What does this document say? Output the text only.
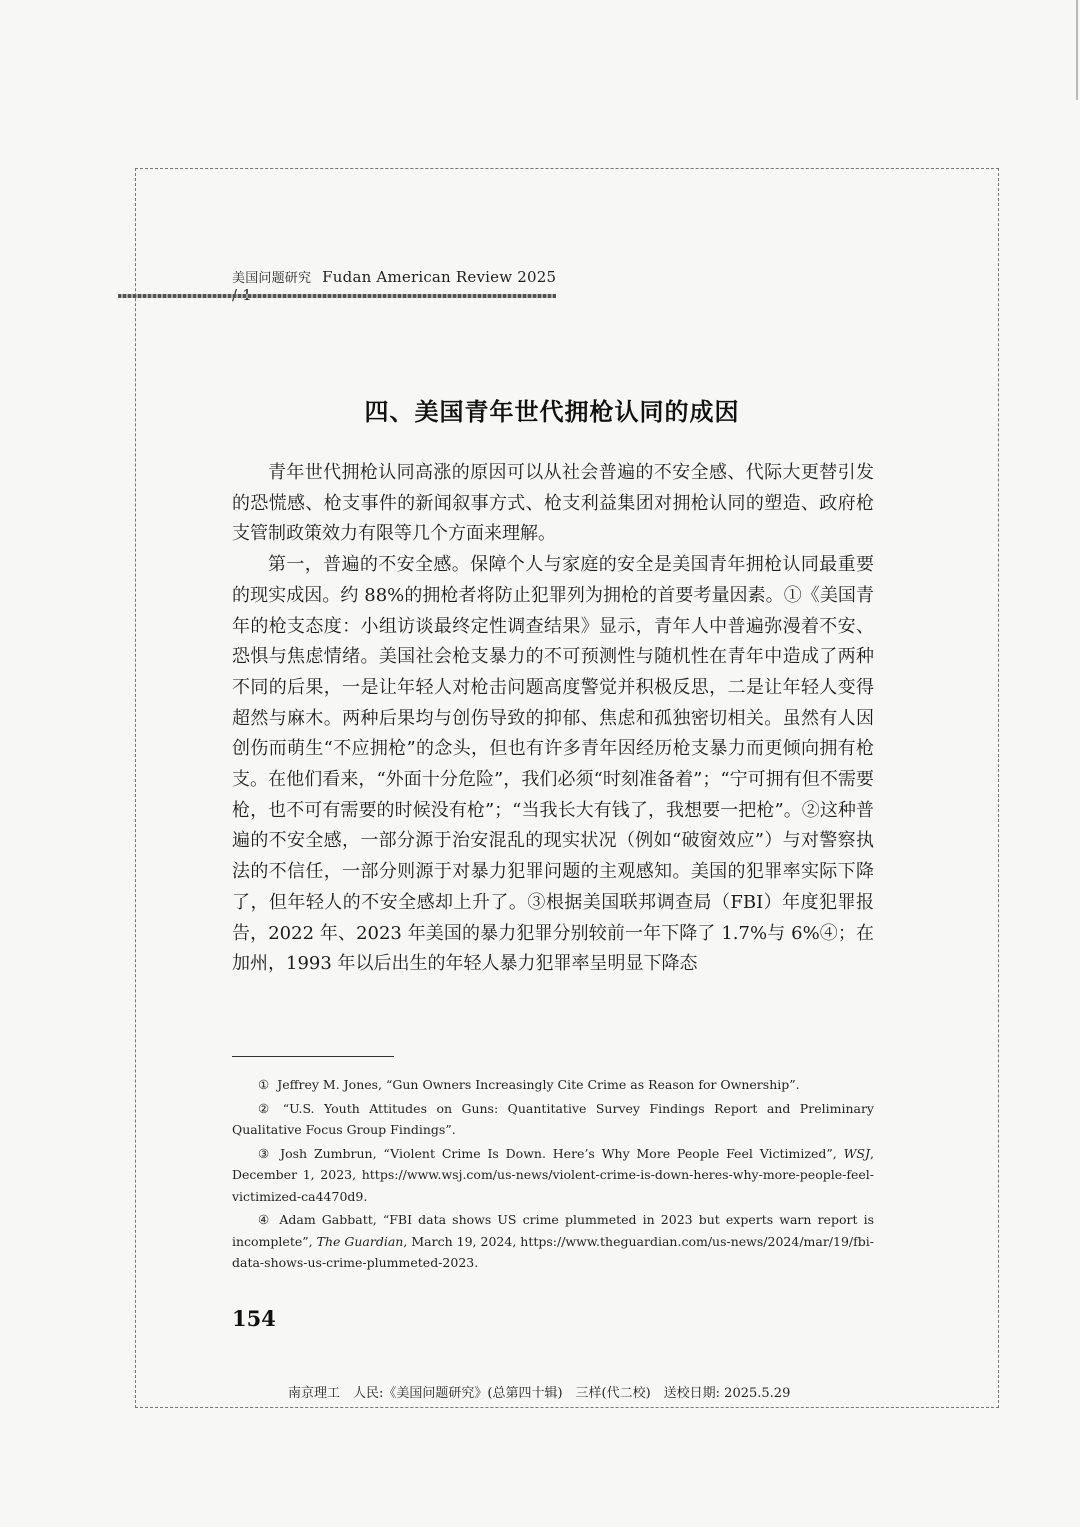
美国问题研究 Fudan American Review 2025
四、美国青年世代拥枪认同的成因

青年世代拥枪认同高涨的原因可以从社会普遍的不安全感、代际大更替引发的恐慌感、枪支事件的新闻叙事方式、枪支利益集团对拥枪认同的塑造、政府枪支管制政策效力有限等几个方面来理解。

第一，普遍的不安全感。保障个人与家庭的安全是美国青年拥枪认同最重要的现实成因。约 88%的拥枪者将防止犯罪列为拥枪的首要考量因素。①《美国青年的枪支态度：小组访谈最终定性调查结果》显示，青年人中普遍弥漫着不安、恐惧与焦虑情绪。美国社会枪支暴力的不可预测性与随机性在青年中造成了两种不同的后果，一是让年轻人对枪击问题高度警觉并积极反思，二是让年轻人变得超然与麻木。两种后果均与创伤导致的抑郁、焦虑和孤独密切相关。虽然有人因创伤而萌生“不应拥枪”的念头，但也有许多青年因经历枪支暴力而更倾向拥有枪支。在他们看来，“外面十分危险”，我们必须“时刻准备着”；“宁可拥有但不需要枪，也不可有需要的时候没有枪”；“当我长大有钱了，我想要一把枪”。②这种普遍的不安全感，一部分源于治安混乱的现实状况（例如“破窗效应”）与对警察执法的不信任，一部分则源于对暴力犯罪问题的主观感知。美国的犯罪率实际下降了，但年轻人的不安全感却上升了。③根据美国联邦调查局（FBI）年度犯罪报告，2022 年、2023 年美国的暴力犯罪分别较前一年下降了 1.7%与 6%④；在加州，1993 年以后出生的年轻人暴力犯罪率呈明显下降态

① Jeffrey M. Jones, “Gun Owners Increasingly Cite Crime as Reason for Ownership”.

② “U.S. Youth Attitudes on Guns: Quantitative Survey Findings Report and Preliminary Qualitative Focus Group Findings”.

③ Josh Zumbrun, “Violent Crime Is Down. Here’s Why More People Feel Victimized”, WSJ, December 1, 2023, https://www.wsj.com/us-news/violent-crime-is-down-heres-why-more-people-feel-victimized-ca4470d9.

④ Adam Gabbatt, “FBI data shows US crime plummeted in 2023 but experts warn report is incomplete”, The Guardian, March 19, 2024, https://www.theguardian.com/us-news/2024/mar/19/fbi-data-shows-us-crime-plummeted-2023.

154
南京理工　人民:《美国问题研究》(总第四十辑)　三样(代二校)　送校日期: 2025.5.29
